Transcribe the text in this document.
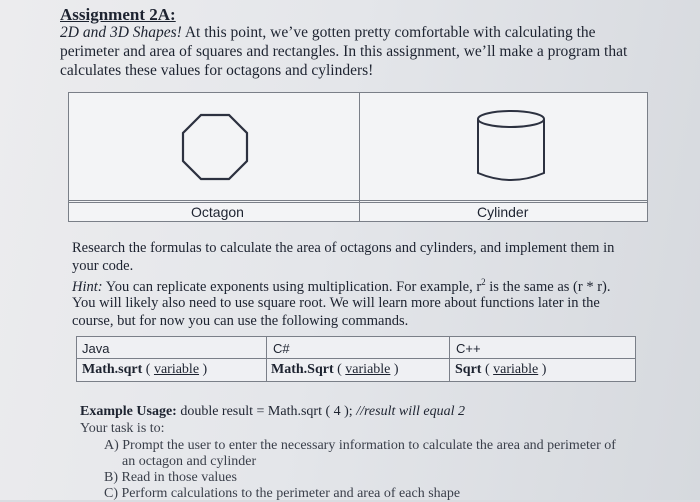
Assignment 2A:
2D and 3D Shapes! At this point, we’ve gotten pretty comfortable with calculating the
perimeter and area of squares and rectangles. In this assignment, we’ll make a program that
calculates these values for octagons and cylinders!
Octagon	Cylinder
Research the formulas to calculate the area of octagons and cylinders, and implement them in
your code.
Hint: You can replicate exponents using multiplication. For example, $r^2$ is the same as (r * r).
You will likely also need to use square root. We will learn more about functions later in the
course, but for now you can use the following commands.
Java	C#	C++
Math.sqrt ( variable )	Math.Sqrt ( variable )	Sqrt ( variable )
Example Usage: double result = Math.sqrt ( 4 ); //result will equal 2
Your task is to:
A) Prompt the user to enter the necessary information to calculate the area and perimeter of
an octagon and cylinder
B) Read in those values
C) Perform calculations to the perimeter and area of each shape
